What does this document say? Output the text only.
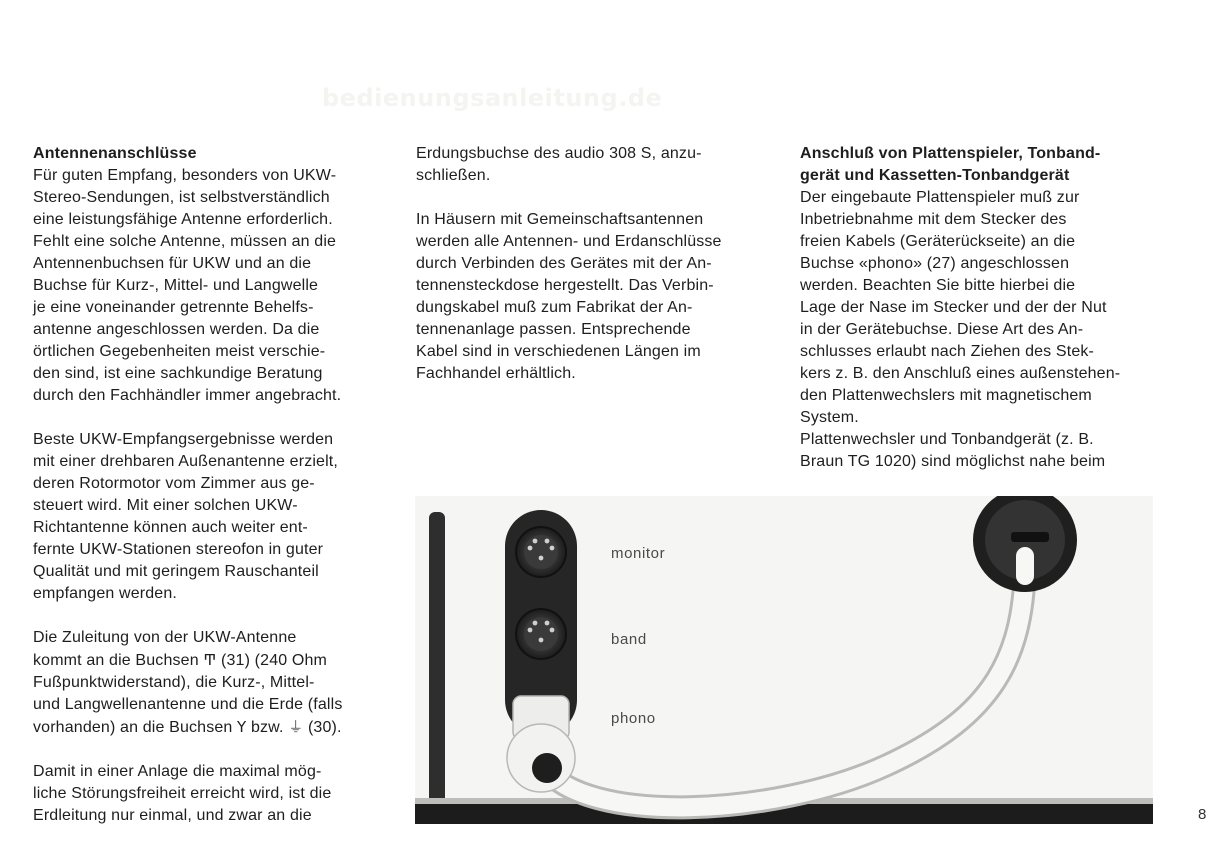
bedienungsanleitung.de

Antennenanschlüsse

Für guten Empfang, besonders von UKW-

Stereo-Sendungen, ist selbstverständlich

eine leistungsfähige Antenne erforderlich.

Fehlt eine solche Antenne, müssen an die

Antennenbuchsen für UKW und an die

Buchse für Kurz-, Mittel- und Langwelle

je eine voneinander getrennte Behelfs-

antenne angeschlossen werden. Da die

örtlichen Gegebenheiten meist verschie-

den sind, ist eine sachkundige Beratung

durch den Fachhändler immer angebracht.

Beste UKW-Empfangsergebnisse werden

mit einer drehbaren Außenantenne erzielt,

deren Rotormotor vom Zimmer aus ge-

steuert wird. Mit einer solchen UKW-

Richtantenne können auch weiter ent-

fernte UKW-Stationen stereofon in guter

Qualität und mit geringem Rauschanteil

empfangen werden.

Die Zuleitung von der UKW-Antenne

kommt an die Buchsen Ͳ (31) (240 Ohm

Fußpunktwiderstand), die Kurz-, Mittel-

und Langwellenantenne und die Erde (falls

vorhanden) an die Buchsen Y bzw. ⏚ (30).

Damit in einer Anlage die maximal mög-

liche Störungsfreiheit erreicht wird, ist die

Erdleitung nur einmal, und zwar an die

Erdungsbuchse des audio 308 S, anzu-

schließen.

In Häusern mit Gemeinschaftsantennen

werden alle Antennen- und Erdanschlüsse

durch Verbinden des Gerätes mit der An-

tennensteckdose hergestellt. Das Verbin-

dungskabel muß zum Fabrikat der An-

tennenanlage passen. Entsprechende

Kabel sind in verschiedenen Längen im

Fachhandel erhältlich.

Anschluß von Plattenspieler, Tonband-

gerät und Kassetten-Tonbandgerät

Der eingebaute Plattenspieler muß zur

Inbetriebnahme mit dem Stecker des

freien Kabels (Geräterückseite) an die

Buchse «phono» (27) angeschlossen

werden. Beachten Sie bitte hierbei die

Lage der Nase im Stecker und der der Nut

in der Gerätebuchse. Diese Art des An-

schlusses erlaubt nach Ziehen des Stek-

kers z. B. den Anschluß eines außenstehen-

den Plattenwechslers mit magnetischem

System.

Plattenwechsler und Tonbandgerät (z. B.

Braun TG 1020) sind möglichst nahe beim

monitor
band
phono
8
